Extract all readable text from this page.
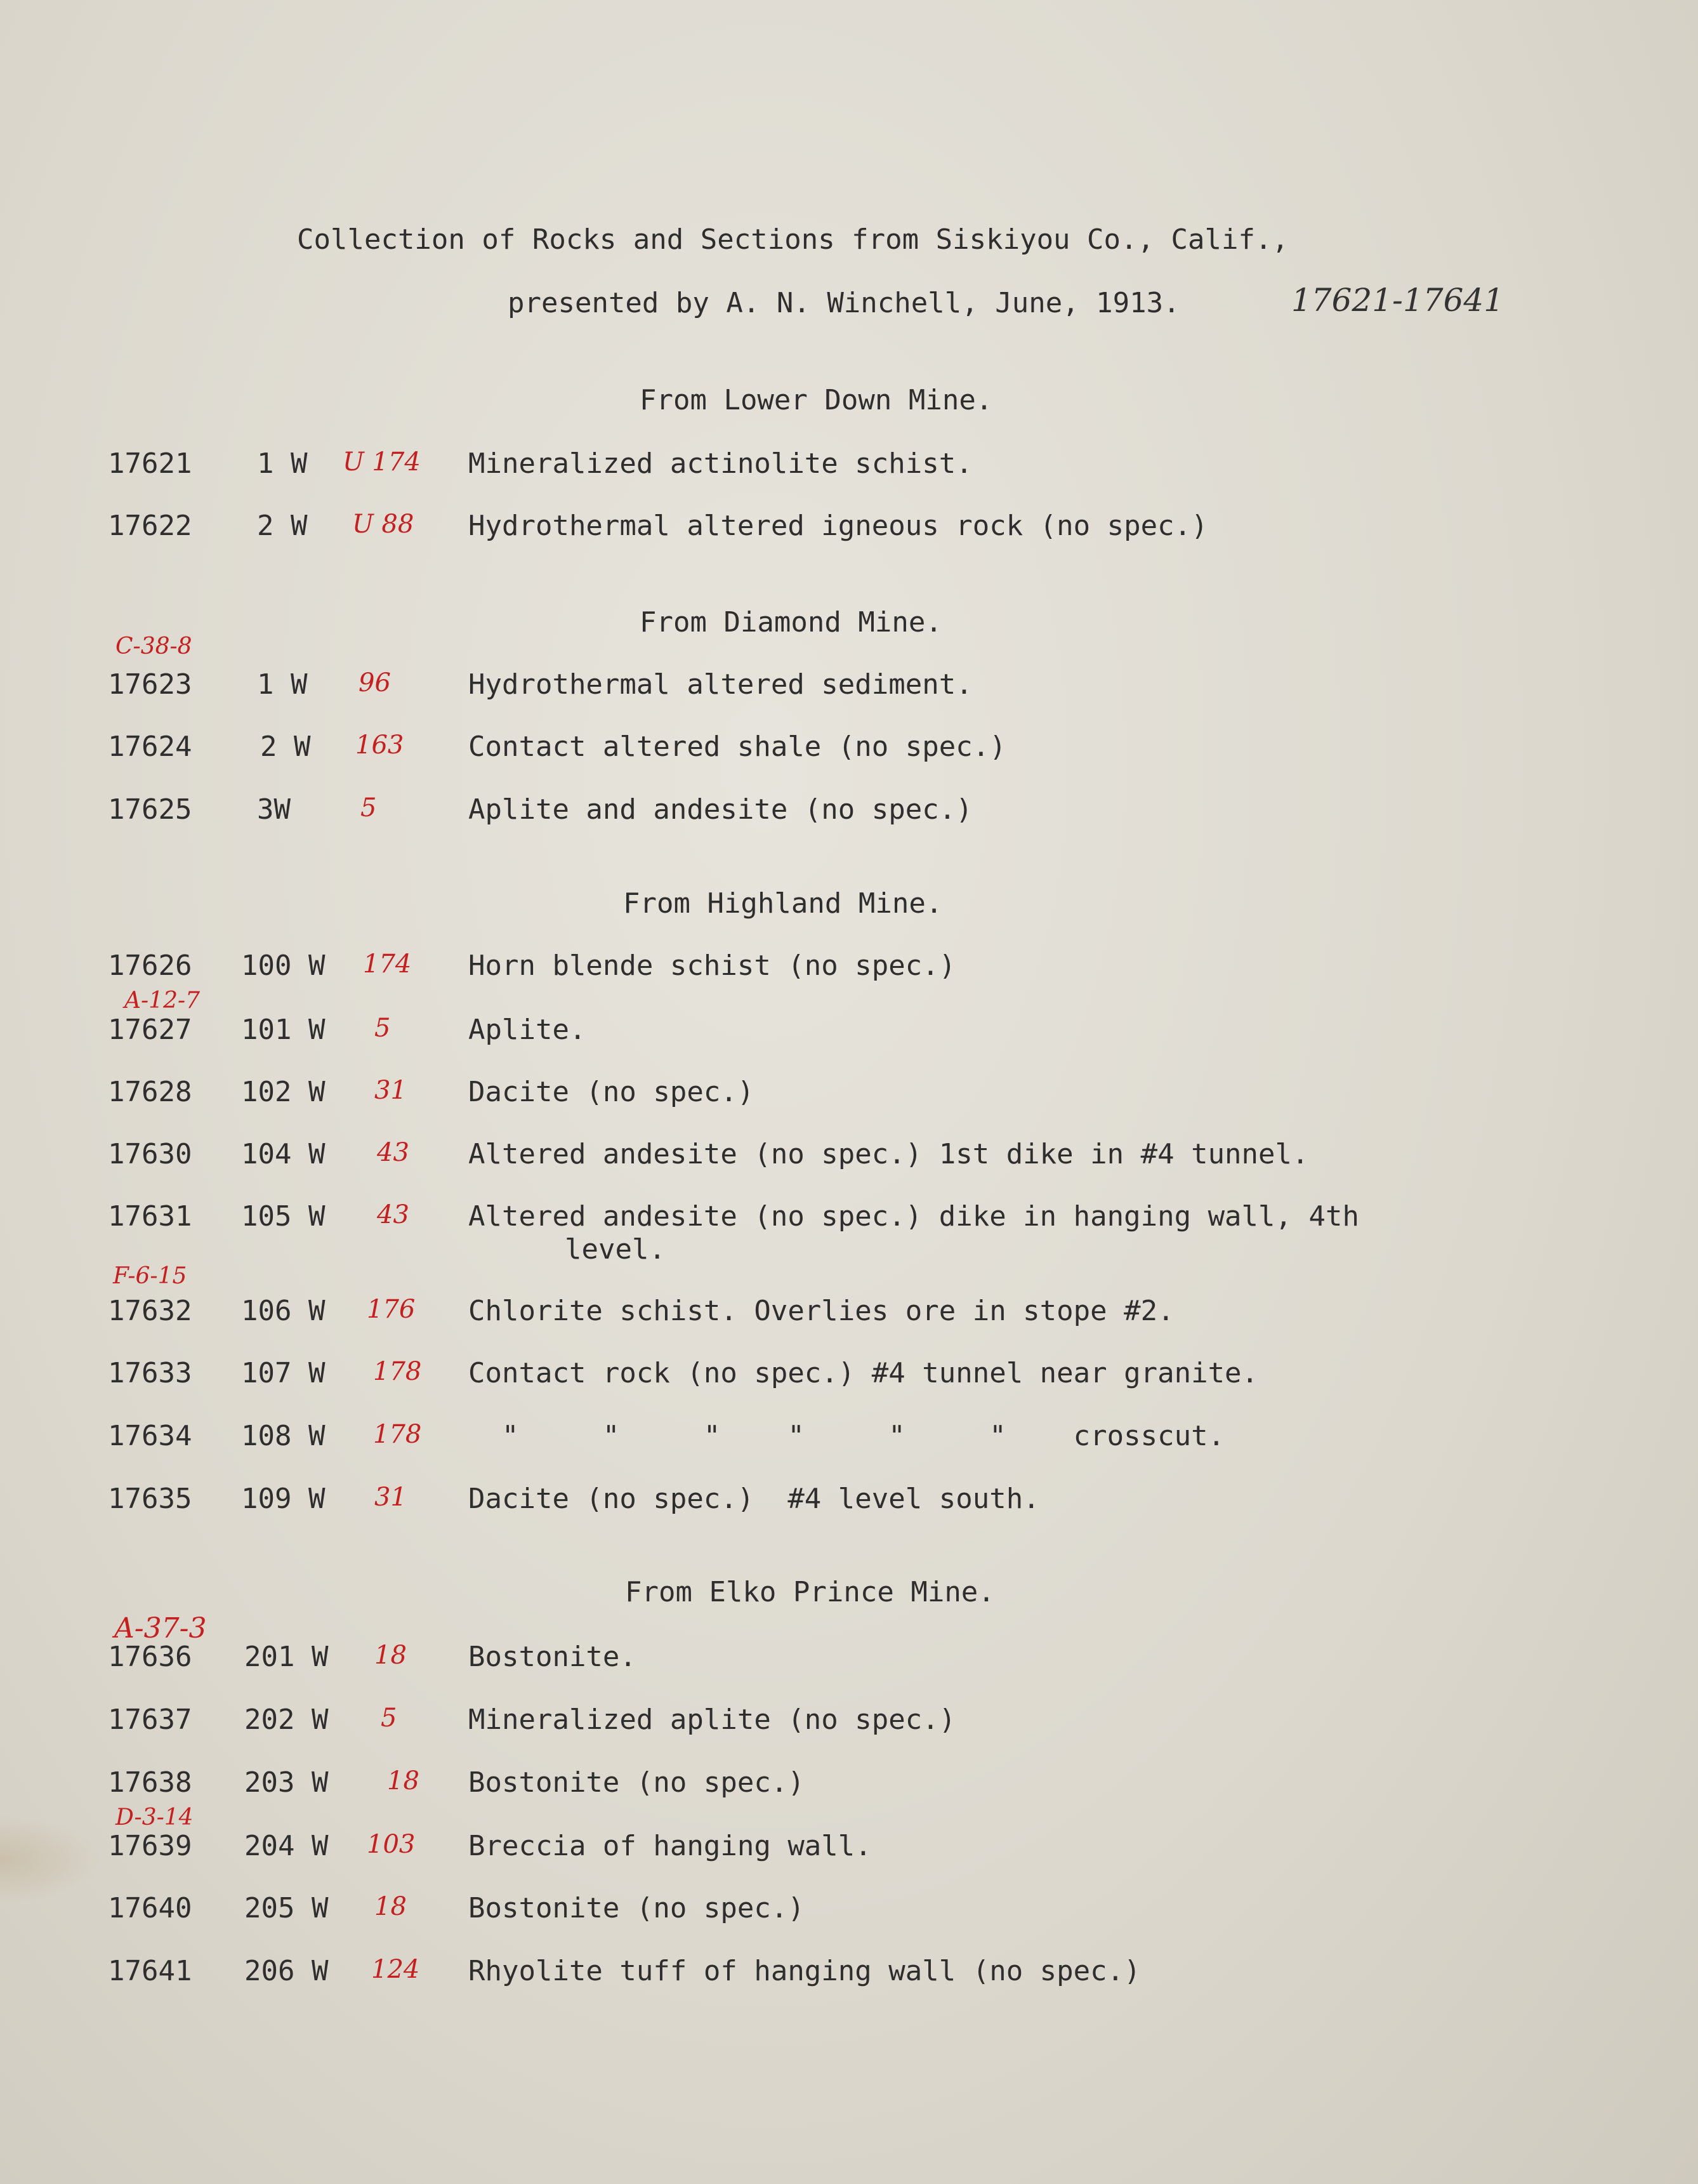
Collection of Rocks and Sections from Siskiyou Co., Calif.,
presented by A. N. Winchell, June, 1913.	17621-17641
From Lower Down Mine.
17621 1 W U 174 Mineralized actinolite schist.
17622 2 W U 88 Hydrothermal altered igneous rock (no spec.)
From Diamond Mine.
C-38-8
17623 1 W 96	Hydrothermal altered sediment.
17624 2 W 163 Contact altered shale (no spec.)
17625 3W	5	Aplite and andesite (no spec.)
From Highland Mine.
17626 100 W 174 Horn blende schist (no spec.)
A-12-7
17627 101 W 5	Aplite.
17628 102 W 31 Dacite (no spec.)
17630 104 W 43 Altered andesite (no spec.) 1st dike in #4 tunnel.
17631 105 W 43 Altered andesite (no spec.) dike in hanging wall, 4th
level.
F-6-15
17632 106 W 176 Chlorite schist. Overlies ore in stope #2.
17633 107 W 178 Contact rock (no spec.) #4 tunnel near granite.
17634 108 W 178 "     "     "    "     "     "    crosscut.
17635 109 W 31 Dacite (no spec.)  #4 level south.
From Elko Prince Mine.
A-37-3
17636 201 W 18 Bostonite.
17637 202 W 5	Mineralized aplite (no spec.)
17638 203 W 18 Bostonite (no spec.)
D-3-14
17639 204 W 103 Breccia of hanging wall.
17640 205 W 18 Bostonite (no spec.)
17641 206 W 124 Rhyolite tuff of hanging wall (no spec.)
